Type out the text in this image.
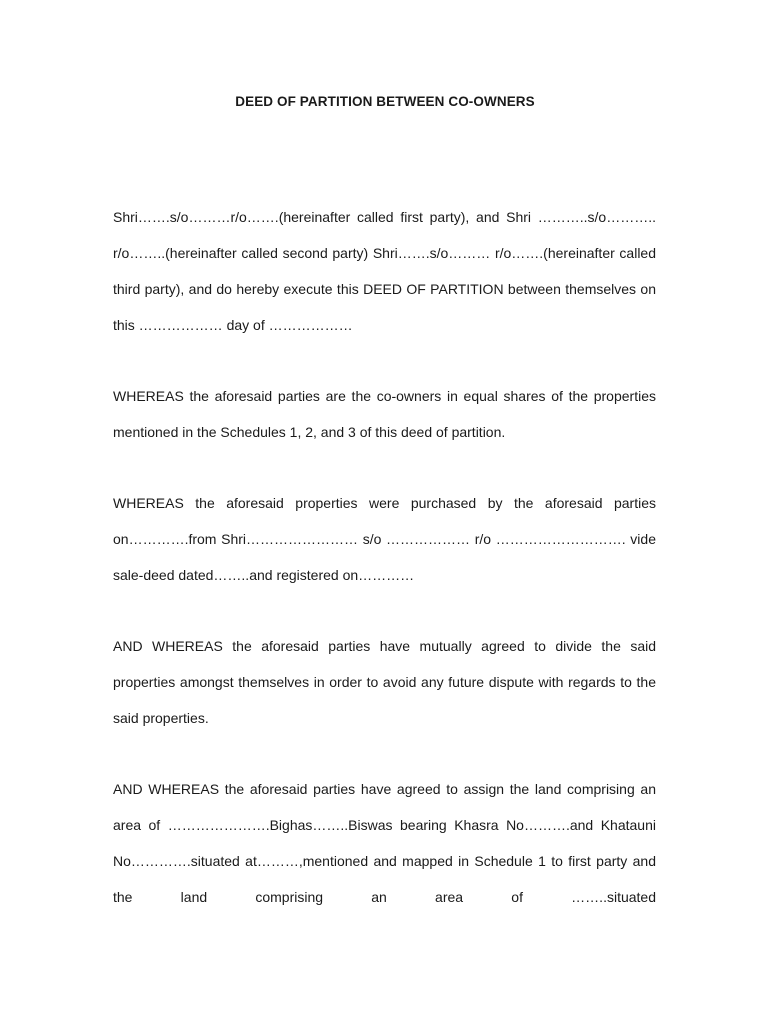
DEED OF PARTITION BETWEEN CO-OWNERS

Shri…….s/o………r/o…….(hereinafter called first party), and Shri ………..s/o……….. r/o……..(hereinafter called second party) Shri…….s/o……… r/o…….(hereinafter called third party), and do hereby execute this DEED OF PARTITION between themselves on this ……………… day of ………………

WHEREAS the aforesaid parties are the co-owners in equal shares of the properties mentioned in the Schedules 1, 2, and 3 of this deed of partition.

WHEREAS the aforesaid properties were purchased by the aforesaid parties on………….from Shri…………………… s/o ……………… r/o ………………………. vide sale-deed dated……..and registered on…………

AND WHEREAS the aforesaid parties have mutually agreed to divide the said properties amongst themselves in order to avoid any future dispute with regards to the said properties.

AND WHEREAS the aforesaid parties have agreed to assign the land comprising an area of ………………….Bighas……..Biswas bearing Khasra No……….and Khatauni No………….situated at………,mentioned and mapped in Schedule 1 to first party and the land comprising an area of ……..situated
